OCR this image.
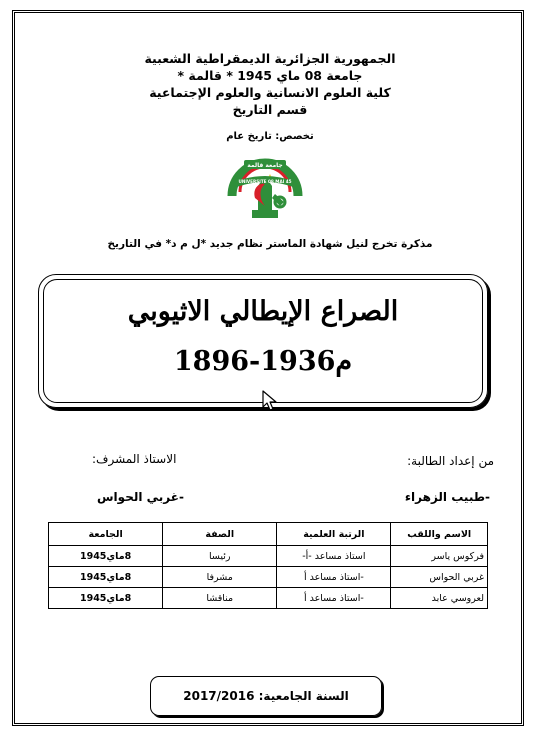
الجمهورية الجزائرية الديمقراطية الشعبية
جامعة 08 ماي 1945 * قالمة *
كلية العلوم الانسانية والعلوم الإجتماعية
قسم التاريخ
تخصص: تاريخ عام
جامعة قالمة
UNIVERSITE 08 MAI 45
مذكرة تخرج لنيل شهادة الماستر نظام جديد *ل م د* في التاريخ
الصراع الإيطالي الاثيوبي
1896-1936م
من إعداد الطالبة:
الاستاذ المشرف:
-طبيب الزهراء
-غربي الحواس
الاسم واللقب	الرتبة العلمية	الصفة	الجامعة
فركوس ياسر	استاذ مساعد -أ-	رئيسا	8ماي1945
غربي الحواس	-استاذ مساعد أ	مشرفا	8ماي1945
لعروسي عابد	-استاذ مساعد أ	مناقشا	8ماي1945
السنة الجامعية:

2017/2016
